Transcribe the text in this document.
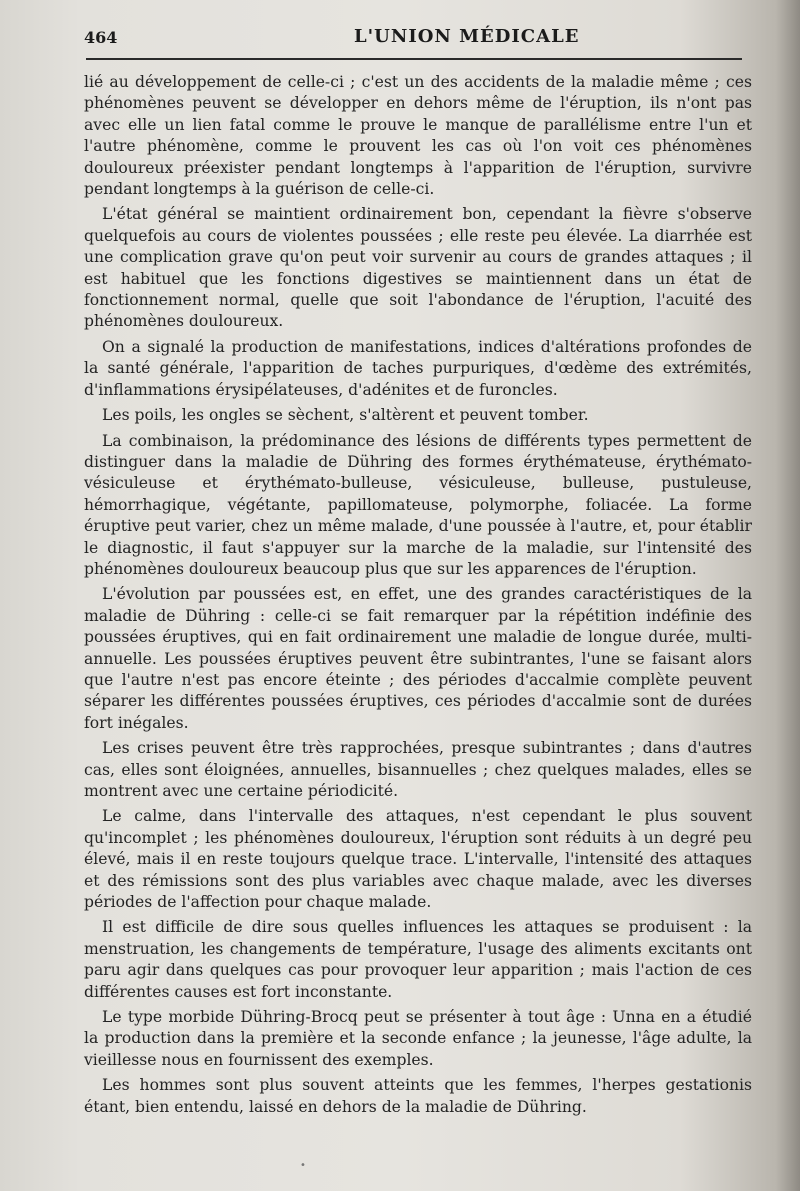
464	L'UNION MÉDICALE

lié au développement de celle-ci ; c'est un des accidents de la maladie même ; ces phénomènes peuvent se développer en dehors même de l'éruption, ils n'ont pas avec elle un lien fatal comme le prouve le manque de parallélisme entre l'un et l'autre phénomène, comme le prouvent les cas où l'on voit ces phénomènes douloureux préexister pendant longtemps à l'apparition de l'éruption, survivre pendant longtemps à la guérison de celle-ci.

L'état général se maintient ordinairement bon, cependant la fièvre s'observe quelquefois au cours de violentes poussées ; elle reste peu élevée. La diarrhée est une complication grave qu'on peut voir survenir au cours de grandes attaques ; il est habituel que les fonctions digestives se maintiennent dans un état de fonctionnement normal, quelle que soit l'abondance de l'éruption, l'acuité des phénomènes douloureux.

On a signalé la production de manifestations, indices d'altérations profondes de la santé générale, l'apparition de taches purpuriques, d'œdème des extrémités, d'inflammations érysipélateuses, d'adénites et de furoncles.

Les poils, les ongles se sèchent, s'altèrent et peuvent tomber.

La combinaison, la prédominance des lésions de différents types permettent de distinguer dans la maladie de Dühring des formes érythémateuse, érythémato-vésiculeuse et érythémato-bulleuse, vésiculeuse, bulleuse, pustuleuse, hémorrhagique, végétante, papillomateuse, polymorphe, foliacée. La forme éruptive peut varier, chez un même malade, d'une poussée à l'autre, et, pour établir le diagnostic, il faut s'appuyer sur la marche de la maladie, sur l'intensité des phénomènes douloureux beaucoup plus que sur les apparences de l'éruption.

L'évolution par poussées est, en effet, une des grandes caractéristiques de la maladie de Dühring : celle-ci se fait remarquer par la répétition indéfinie des poussées éruptives, qui en fait ordinairement une maladie de longue durée, multi-annuelle. Les poussées éruptives peuvent être subintrantes, l'une se faisant alors que l'autre n'est pas encore éteinte ; des périodes d'accalmie complète peuvent séparer les différentes poussées éruptives, ces périodes d'accalmie sont de durées fort inégales.

Les crises peuvent être très rapprochées, presque subintrantes ; dans d'autres cas, elles sont éloignées, annuelles, bisannuelles ; chez quelques malades, elles se montrent avec une certaine périodicité.

Le calme, dans l'intervalle des attaques, n'est cependant le plus souvent qu'incomplet ; les phénomènes douloureux, l'éruption sont réduits à un degré peu élevé, mais il en reste toujours quelque trace. L'intervalle, l'intensité des attaques et des rémissions sont des plus variables avec chaque malade, avec les diverses périodes de l'affection pour chaque malade.

Il est difficile de dire sous quelles influences les attaques se produisent : la menstruation, les changements de température, l'usage des aliments excitants ont paru agir dans quelques cas pour provoquer leur apparition ; mais l'action de ces différentes causes est fort inconstante.

Le type morbide Dühring-Brocq peut se présenter à tout âge : Unna en a étudié la production dans la première et la seconde enfance ; la jeunesse, l'âge adulte, la vieillesse nous en fournissent des exemples.

Les hommes sont plus souvent atteints que les femmes, l'herpes gestationis étant, bien entendu, laissé en dehors de la maladie de Dühring.

•
